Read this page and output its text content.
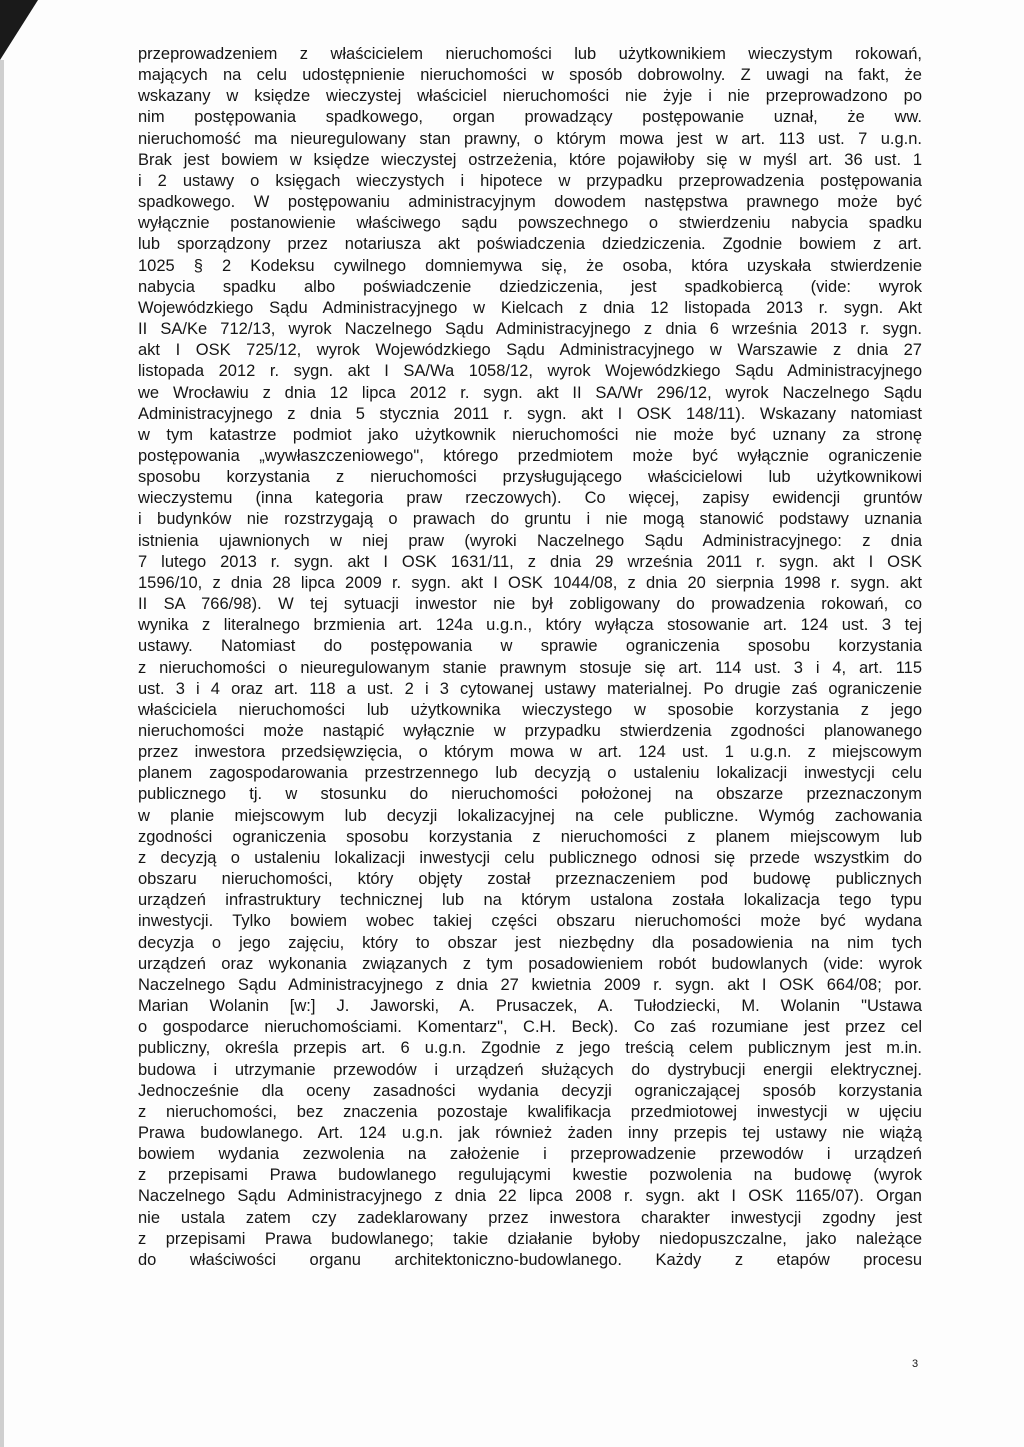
przeprowadzeniem z właścicielem nieruchomości lub użytkownikiem wieczystym rokowań,
mających na celu udostępnienie nieruchomości w sposób dobrowolny. Z uwagi na fakt, że
wskazany w księdze wieczystej właściciel nieruchomości nie żyje i nie przeprowadzono po
nim postępowania spadkowego, organ prowadzący postępowanie uznał, że ww.
nieruchomość ma nieuregulowany stan prawny, o którym mowa jest w art. 113 ust. 7 u.g.n.
Brak jest bowiem w księdze wieczystej ostrzeżenia, które pojawiłoby się w myśl art. 36 ust. 1
i 2 ustawy o księgach wieczystych i hipotece w przypadku przeprowadzenia postępowania
spadkowego. W postępowaniu administracyjnym dowodem następstwa prawnego może być
wyłącznie postanowienie właściwego sądu powszechnego o stwierdzeniu nabycia spadku
lub sporządzony przez notariusza akt poświadczenia dziedziczenia. Zgodnie bowiem z art.
1025 § 2 Kodeksu cywilnego domniemywa się, że osoba, która uzyskała stwierdzenie
nabycia spadku albo poświadczenie dziedziczenia, jest spadkobiercą (vide: wyrok
Wojewódzkiego Sądu Administracyjnego w Kielcach z dnia 12 listopada 2013 r. sygn. Akt
II SA/Ke 712/13, wyrok Naczelnego Sądu Administracyjnego z dnia 6 września 2013 r. sygn.
akt I OSK 725/12, wyrok Wojewódzkiego Sądu Administracyjnego w Warszawie z dnia 27
listopada 2012 r. sygn. akt I SA/Wa 1058/12, wyrok Wojewódzkiego Sądu Administracyjnego
we Wrocławiu z dnia 12 lipca 2012 r. sygn. akt II SA/Wr 296/12, wyrok Naczelnego Sądu
Administracyjnego z dnia 5 stycznia 2011 r. sygn. akt I OSK 148/11). Wskazany natomiast
w tym katastrze podmiot jako użytkownik nieruchomości nie może być uznany za stronę
postępowania „wywłaszczeniowego", którego przedmiotem może być wyłącznie ograniczenie
sposobu korzystania z nieruchomości przysługującego właścicielowi lub użytkownikowi
wieczystemu (inna kategoria praw rzeczowych). Co więcej, zapisy ewidencji gruntów
i budynków nie rozstrzygają o prawach do gruntu i nie mogą stanowić podstawy uznania
istnienia ujawnionych w niej praw (wyroki Naczelnego Sądu Administracyjnego: z dnia
7 lutego 2013 r. sygn. akt I OSK 1631/11, z dnia 29 września 2011 r. sygn. akt I OSK
1596/10, z dnia 28 lipca 2009 r. sygn. akt I OSK 1044/08, z dnia 20 sierpnia 1998 r. sygn. akt
II SA 766/98). W tej sytuacji inwestor nie był zobligowany do prowadzenia rokowań, co
wynika z literalnego brzmienia art. 124a u.g.n., który wyłącza stosowanie art. 124 ust. 3 tej
ustawy. Natomiast do postępowania w sprawie ograniczenia sposobu korzystania
z nieruchomości o nieuregulowanym stanie prawnym stosuje się art. 114 ust. 3 i 4, art. 115
ust. 3 i 4 oraz art. 118 a ust. 2 i 3 cytowanej ustawy materialnej. Po drugie zaś ograniczenie
właściciela nieruchomości lub użytkownika wieczystego w sposobie korzystania z jego
nieruchomości może nastąpić wyłącznie w przypadku stwierdzenia zgodności planowanego
przez inwestora przedsięwzięcia, o którym mowa w art. 124 ust. 1 u.g.n. z miejscowym
planem zagospodarowania przestrzennego lub decyzją o ustaleniu lokalizacji inwestycji celu
publicznego tj. w stosunku do nieruchomości położonej na obszarze przeznaczonym
w planie miejscowym lub decyzji lokalizacyjnej na cele publiczne. Wymóg zachowania
zgodności ograniczenia sposobu korzystania z nieruchomości z planem miejscowym lub
z decyzją o ustaleniu lokalizacji inwestycji celu publicznego odnosi się przede wszystkim do
obszaru nieruchomości, który objęty został przeznaczeniem pod budowę publicznych
urządzeń infrastruktury technicznej lub na którym ustalona została lokalizacja tego typu
inwestycji. Tylko bowiem wobec takiej części obszaru nieruchomości może być wydana
decyzja o jego zajęciu, który to obszar jest niezbędny dla posadowienia na nim tych
urządzeń oraz wykonania związanych z tym posadowieniem robót budowlanych (vide: wyrok
Naczelnego Sądu Administracyjnego z dnia 27 kwietnia 2009 r. sygn. akt I OSK 664/08; por.
Marian Wolanin [w:] J. Jaworski, A. Prusaczek, A. Tułodziecki, M. Wolanin "Ustawa
o gospodarce nieruchomościami. Komentarz", C.H. Beck). Co zaś rozumiane jest przez cel
publiczny, określa przepis art. 6 u.g.n. Zgodnie z jego treścią celem publicznym jest m.in.
budowa i utrzymanie przewodów i urządzeń służących do dystrybucji energii elektrycznej.
Jednocześnie dla oceny zasadności wydania decyzji ograniczającej sposób korzystania
z nieruchomości, bez znaczenia pozostaje kwalifikacja przedmiotowej inwestycji w ujęciu
Prawa budowlanego. Art. 124 u.g.n. jak również żaden inny przepis tej ustawy nie wiążą
bowiem wydania zezwolenia na założenie i przeprowadzenie przewodów i urządzeń
z przepisami Prawa budowlanego regulującymi kwestie pozwolenia na budowę (wyrok
Naczelnego Sądu Administracyjnego z dnia 22 lipca 2008 r. sygn. akt I OSK 1165/07). Organ
nie ustala zatem czy zadeklarowany przez inwestora charakter inwestycji zgodny jest
z przepisami Prawa budowlanego; takie działanie byłoby niedopuszczalne, jako należące
do właściwości organu architektoniczno-budowlanego. Każdy z etapów procesu
3
